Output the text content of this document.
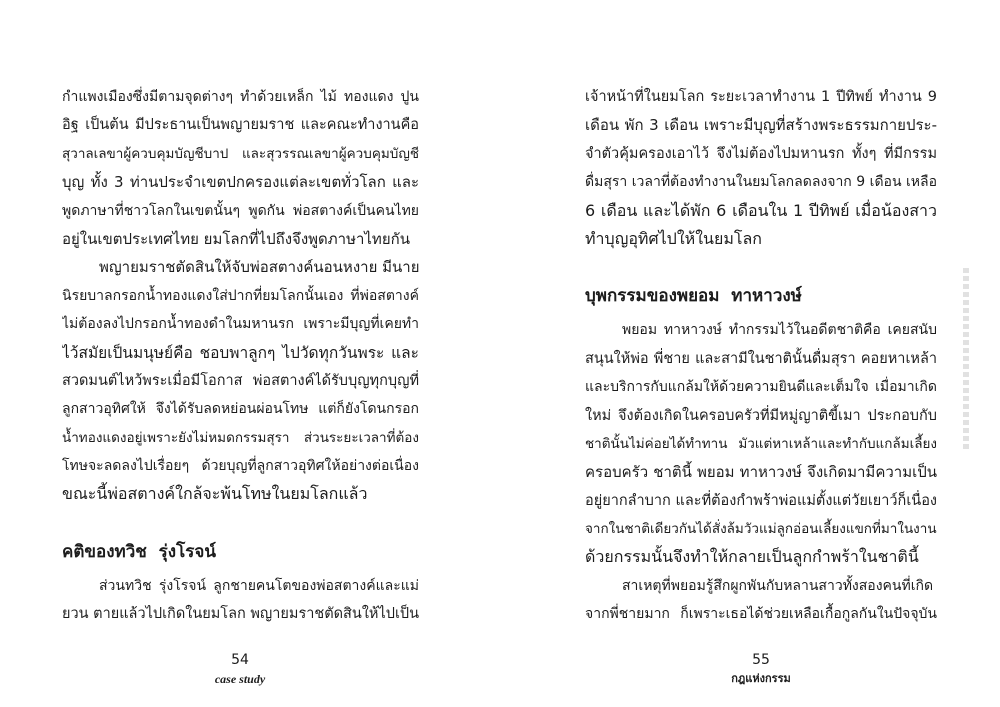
กำแพงเมืองซึ่งมีตามจุดต่างๆ ทำด้วยเหล็ก ไม้ ทองแดง ปูน
อิฐ เป็นต้น มีประธานเป็นพญายมราช และคณะทำงานคือ
สุวาลเลขาผู้ควบคุมบัญชีบาป และสุวรรณเลขาผู้ควบคุมบัญชี
บุญ ทั้ง 3 ท่านประจำเขตปกครองแต่ละเขตทั่วโลก และ
พูดภาษาที่ชาวโลกในเขตนั้นๆ พูดกัน พ่อสตางค์เป็นคนไทย
อยู่ในเขตประเทศไทย ยมโลกที่ไปถึงจึงพูดภาษาไทยกัน
พญายมราชตัดสินให้จับพ่อสตางค์นอนหงาย มีนาย
นิรยบาลกรอกน้ำทองแดงใส่ปากที่ยมโลกนั้นเอง ที่พ่อสตางค์
ไม่ต้องลงไปกรอกน้ำทองดำในมหานรก เพราะมีบุญที่เคยทำ
ไว้สมัยเป็นมนุษย์คือ ชอบพาลูกๆ ไปวัดทุกวันพระ และ
สวดมนต์ไหว้พระเมื่อมีโอกาส พ่อสตางค์ได้รับบุญทุกบุญที่
ลูกสาวอุทิศให้ จึงได้รับลดหย่อนผ่อนโทษ แต่ก็ยังโดนกรอก
น้ำทองแดงอยู่เพราะยังไม่หมดกรรมสุรา ส่วนระยะเวลาที่ต้อง
โทษจะลดลงไปเรื่อยๆ ด้วยบุญที่ลูกสาวอุทิศให้อย่างต่อเนื่อง
ขณะนี้พ่อสตางค์ใกล้จะพ้นโทษในยมโลกแล้ว
คติของทวิช  รุ่งโรจน์
ส่วนทวิช รุ่งโรจน์ ลูกชายคนโตของพ่อสตางค์และแม่
ยวน ตายแล้วไปเกิดในยมโลก พญายมราชตัดสินให้ไปเป็น
54
case study
เจ้าหน้าที่ในยมโลก ระยะเวลาทำงาน 1 ปีทิพย์ ทำงาน 9
เดือน พัก 3 เดือน เพราะมีบุญที่สร้างพระธรรมกายประ-
จำตัวคุ้มครองเอาไว้ จึงไม่ต้องไปมหานรก ทั้งๆ ที่มีกรรม
ดื่มสุรา เวลาที่ต้องทำงานในยมโลกลดลงจาก 9 เดือน เหลือ
6 เดือน และได้พัก 6 เดือนใน 1 ปีทิพย์ เมื่อน้องสาว
ทำบุญอุทิศไปให้ในยมโลก
บุพกรรมของพยอม  ทาหาวงษ์
พยอม ทาหาวงษ์ ทำกรรมไว้ในอดีตชาติคือ เคยสนับ
สนุนให้พ่อ พี่ชาย และสามีในชาตินั้นดื่มสุรา คอยหาเหล้า
และบริการกับแกล้มให้ด้วยความยินดีและเต็มใจ เมื่อมาเกิด
ใหม่ จึงต้องเกิดในครอบครัวที่มีหมู่ญาติขี้เมา ประกอบกับ
ชาตินั้นไม่ค่อยได้ทำทาน มัวแต่หาเหล้าและทำกับแกล้มเลี้ยง
ครอบครัว ชาตินี้ พยอม ทาหาวงษ์ จึงเกิดมามีความเป็น
อยู่ยากลำบาก และที่ต้องกำพร้าพ่อแม่ตั้งแต่วัยเยาว์ก็เนื่อง
จากในชาติเดียวกันได้สั่งล้มวัวแม่ลูกอ่อนเลี้ยงแขกที่มาในงาน
ด้วยกรรมนั้นจึงทำให้กลายเป็นลูกกำพร้าในชาตินี้
สาเหตุที่พยอมรู้สึกผูกพันกับหลานสาวทั้งสองคนที่เกิด
จากพี่ชายมาก ก็เพราะเธอได้ช่วยเหลือเกื้อกูลกันในปัจจุบัน
55
กฎแห่งกรรม
